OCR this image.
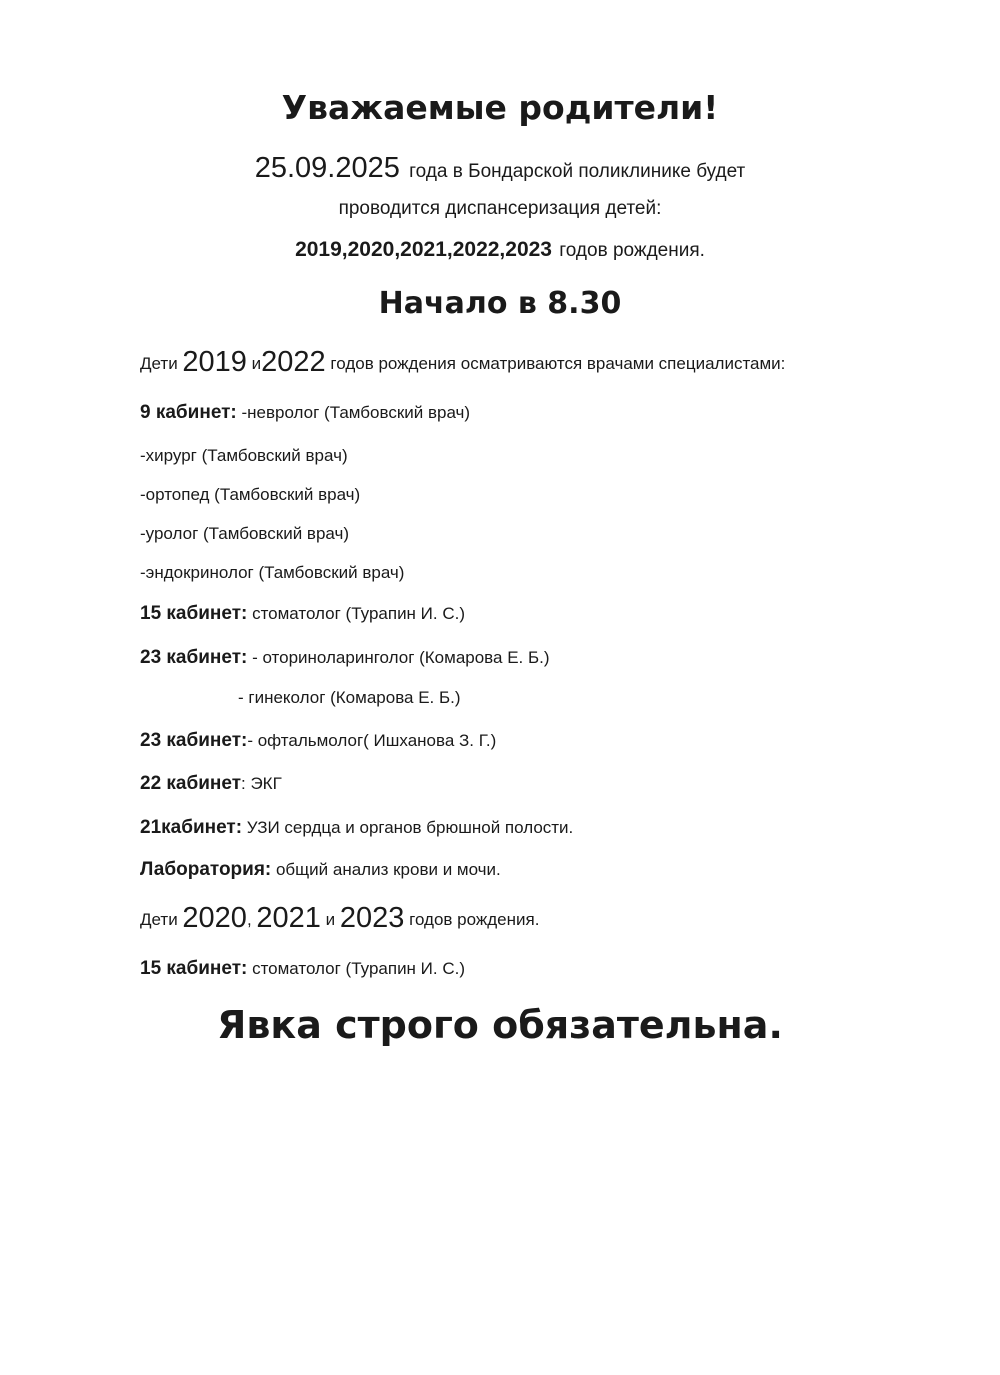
Уважаемые родители!
25.09.2025 года в Бондарской поликлинике будет
проводится диспансеризация детей:
2019,2020,2021,2022,2023 годов рождения.
Начало в 8.30
Дети 2019 и2022 годов рождения осматриваются врачами специалистами:
9 кабинет: -невролог (Тамбовский врач)
-хирург (Тамбовский врач)
-ортопед (Тамбовский врач)
-уролог (Тамбовский врач)
-эндокринолог (Тамбовский врач)
15 кабинет: стоматолог (Турапин И. С.)
23 кабинет: - оториноларинголог (Комарова Е. Б.)
- гинеколог (Комарова Е. Б.)
23 кабинет:- офтальмолог( Ишханова З. Г.)
22 кабинет: ЭКГ
21кабинет: УЗИ сердца и органов брюшной полости.
Лаборатория: общий анализ крови и мочи.
Дети 2020, 2021 и 2023 годов рождения.
15 кабинет: стоматолог (Турапин И. С.)
Явка строго обязательна.
